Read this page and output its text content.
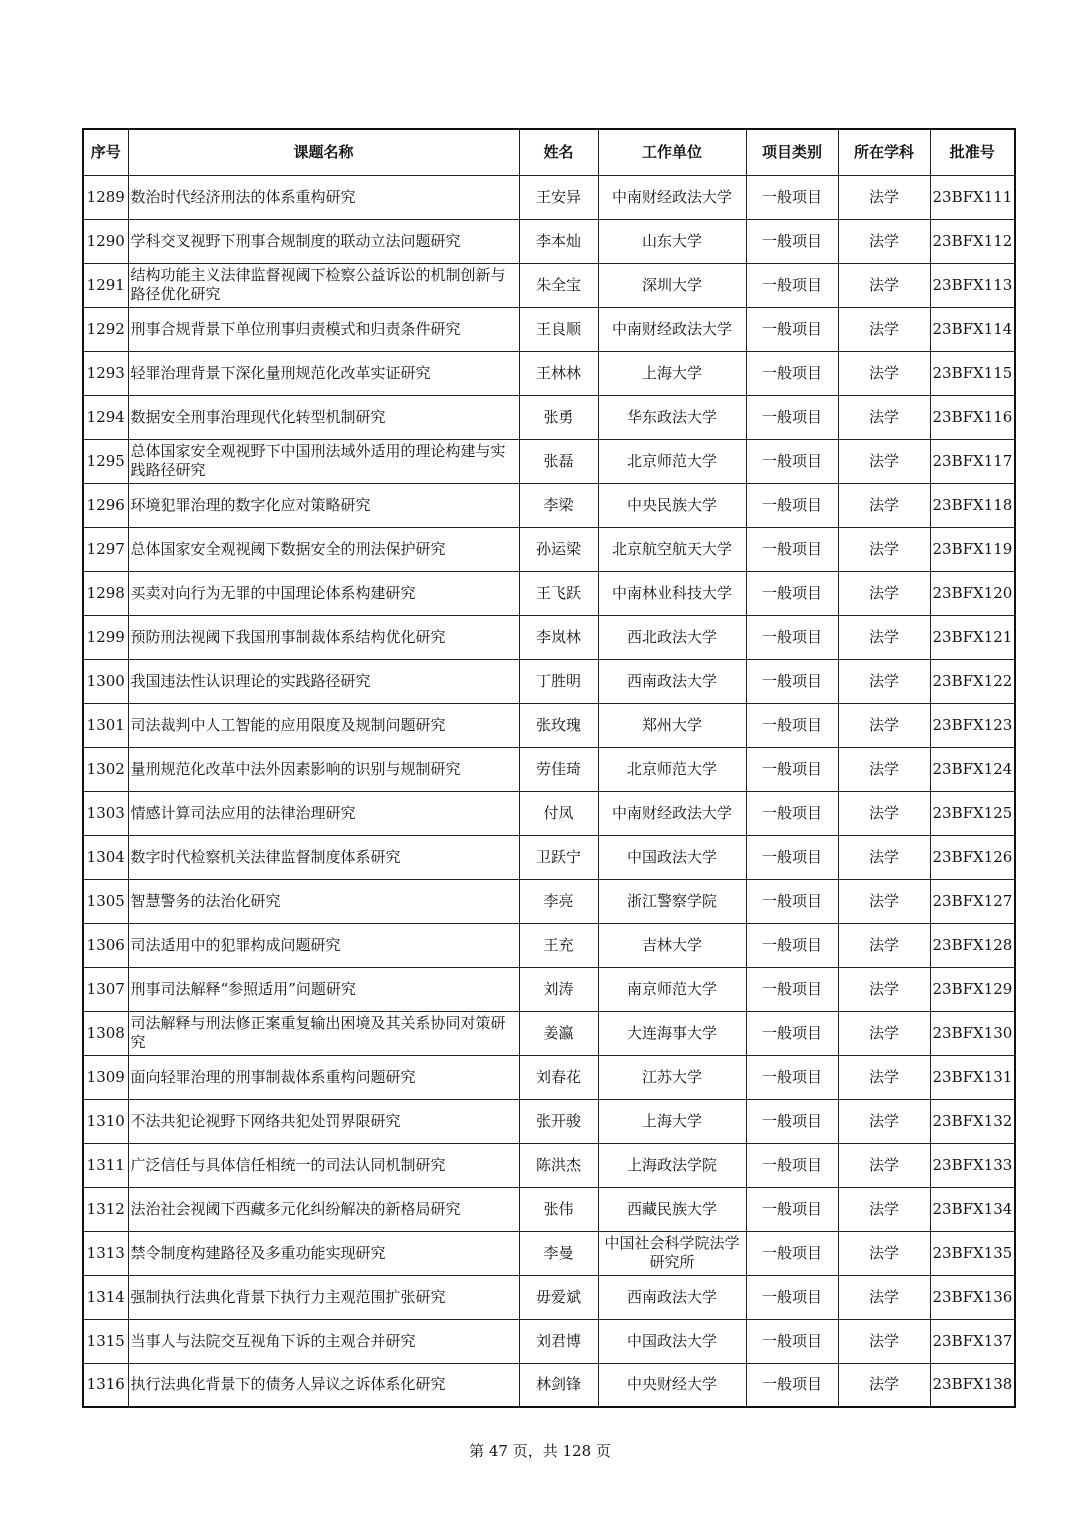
序号	课题名称	姓名	工作单位	项目类别	所在学科	批准号
1289	数治时代经济刑法的体系重构研究	王安异	中南财经政法大学	一般项目	法学	23BFX111
1290	学科交叉视野下刑事合规制度的联动立法问题研究	李本灿	山东大学	一般项目	法学	23BFX112
1291	结构功能主义法律监督视阈下检察公益诉讼的机制创新与路径优化研究	朱全宝	深圳大学	一般项目	法学	23BFX113
1292	刑事合规背景下单位刑事归责模式和归责条件研究	王良顺	中南财经政法大学	一般项目	法学	23BFX114
1293	轻罪治理背景下深化量刑规范化改革实证研究	王林林	上海大学	一般项目	法学	23BFX115
1294	数据安全刑事治理现代化转型机制研究	张勇	华东政法大学	一般项目	法学	23BFX116
1295	总体国家安全观视野下中国刑法域外适用的理论构建与实践路径研究	张磊	北京师范大学	一般项目	法学	23BFX117
1296	环境犯罪治理的数字化应对策略研究	李梁	中央民族大学	一般项目	法学	23BFX118
1297	总体国家安全观视阈下数据安全的刑法保护研究	孙运梁	北京航空航天大学	一般项目	法学	23BFX119
1298	买卖对向行为无罪的中国理论体系构建研究	王飞跃	中南林业科技大学	一般项目	法学	23BFX120
1299	预防刑法视阈下我国刑事制裁体系结构优化研究	李岚林	西北政法大学	一般项目	法学	23BFX121
1300	我国违法性认识理论的实践路径研究	丁胜明	西南政法大学	一般项目	法学	23BFX122
1301	司法裁判中人工智能的应用限度及规制问题研究	张玫瑰	郑州大学	一般项目	法学	23BFX123
1302	量刑规范化改革中法外因素影响的识别与规制研究	劳佳琦	北京师范大学	一般项目	法学	23BFX124
1303	情感计算司法应用的法律治理研究	付凤	中南财经政法大学	一般项目	法学	23BFX125
1304	数字时代检察机关法律监督制度体系研究	卫跃宁	中国政法大学	一般项目	法学	23BFX126
1305	智慧警务的法治化研究	李亮	浙江警察学院	一般项目	法学	23BFX127
1306	司法适用中的犯罪构成问题研究	王充	吉林大学	一般项目	法学	23BFX128
1307	刑事司法解释“参照适用”问题研究	刘涛	南京师范大学	一般项目	法学	23BFX129
1308	司法解释与刑法修正案重复输出困境及其关系协同对策研究	姜瀛	大连海事大学	一般项目	法学	23BFX130
1309	面向轻罪治理的刑事制裁体系重构问题研究	刘春花	江苏大学	一般项目	法学	23BFX131
1310	不法共犯论视野下网络共犯处罚界限研究	张开骏	上海大学	一般项目	法学	23BFX132
1311	广泛信任与具体信任相统一的司法认同机制研究	陈洪杰	上海政法学院	一般项目	法学	23BFX133
1312	法治社会视阈下西藏多元化纠纷解决的新格局研究	张伟	西藏民族大学	一般项目	法学	23BFX134
1313	禁令制度构建路径及多重功能实现研究	李曼	中国社会科学院法学研究所	一般项目	法学	23BFX135
1314	强制执行法典化背景下执行力主观范围扩张研究	毋爱斌	西南政法大学	一般项目	法学	23BFX136
1315	当事人与法院交互视角下诉的主观合并研究	刘君博	中国政法大学	一般项目	法学	23BFX137
1316	执行法典化背景下的债务人异议之诉体系化研究	林剑锋	中央财经大学	一般项目	法学	23BFX138
第 47 页，共 128 页
